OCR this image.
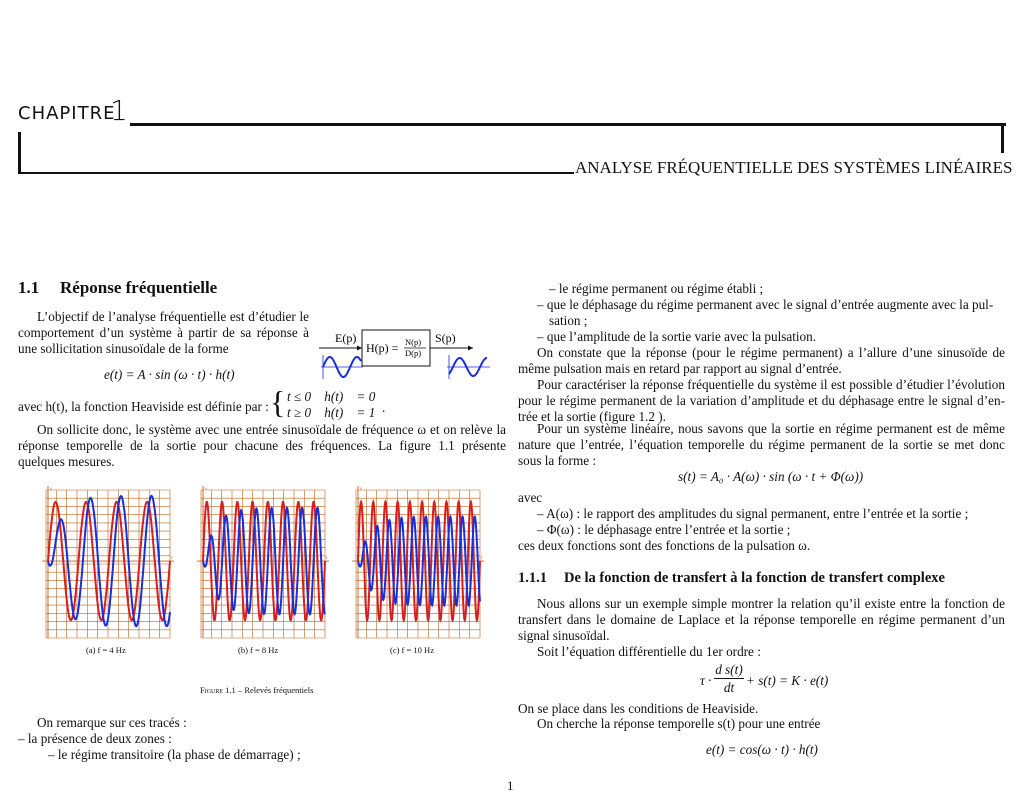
CHAPITRE
1
ANALYSE FRÉQUENTIELLE DES SYSTÈMES LINÉAIRES
1.1 Réponse fréquentielle
L’objectif de l’analyse fréquentielle est d’étudier le comportement d’un système à partir de sa réponse à une sollicitation sinusoïdale de la forme
E(p)
H(p) = N(p)
D(p)
S(p)
e(t) = A · sin (ω · t) · h(t)
avec h(t), la fonction Heaviside est définie par : { t ≤ 0    h(t)    = 0
t ≥ 0    h(t)    = 1 .
On sollicite donc, le système avec une entrée sinusoïdale de fréquence ω et on relève la réponse temporelle de la sortie pour chacune des fréquences. La figure 1.1 présente quelques mesures.
s
t
s
t
s
t
(a) f = 4 Hz	(b) f = 8 Hz	(c) f = 10 Hz
Figure 1.1 – Relevés fréquentiels
On remarque sur ces tracés :
– la présence de deux zones :
– le régime transitoire (la phase de démarrage) ;
– le régime permanent ou régime établi ;
– que le déphasage du régime permanent avec le signal d’entrée augmente avec la pul-
sation ;
– que l’amplitude de la sortie varie avec la pulsation.
On constate que la réponse (pour le régime permanent) a l’allure d’une sinusoïde de même pulsation mais en retard par rapport au signal d’entrée.
Pour caractériser la réponse fréquentielle du système il est possible d’étudier l’évolution pour le régime permanent de la variation d’amplitude et du déphasage entre le signal d’en-trée et la sortie (figure 1.2 ).
Pour un système linéaire, nous savons que la sortie en régime permanent est de même nature que l’entrée, l’équation temporelle du régime permanent de la sortie se met donc sous la forme :
s(t) = A₀ · A(ω) · sin (ω · t + Φ(ω))
avec
– A(ω) : le rapport des amplitudes du signal permanent, entre l’entrée et la sortie ;
– Φ(ω) : le déphasage entre l’entrée et la sortie ;
ces deux fonctions sont des fonctions de la pulsation ω.
1.1.1 De la fonction de transfert à la fonction de transfert complexe
Nous allons sur un exemple simple montrer la relation qu’il existe entre la fonction de transfert dans le domaine de Laplace et la réponse temporelle en régime permanent d’un signal sinusoïdal.
Soit l’équation différentielle du 1er ordre :
τ ·
d s(t)
dt + s(t) = K · e(t)
On se place dans les conditions de Heaviside.
On cherche la réponse temporelle s(t) pour une entrée
e(t) = cos(ω · t) · h(t)
1
